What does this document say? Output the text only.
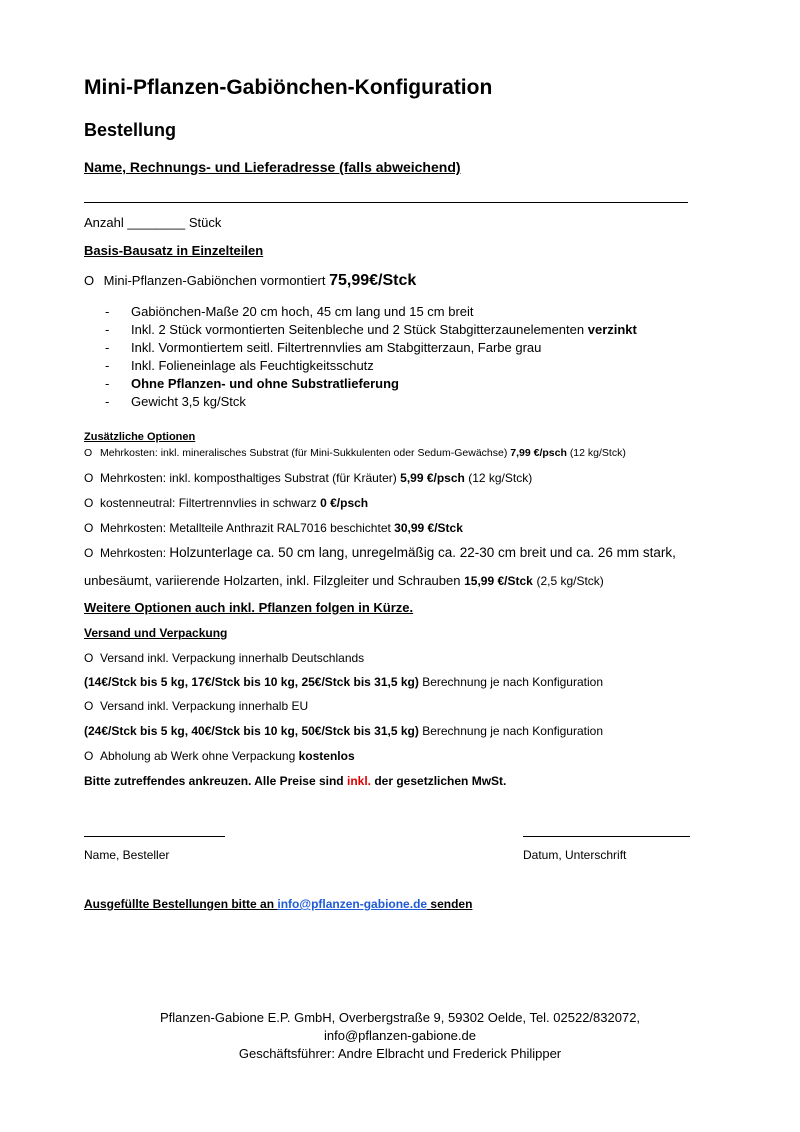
Mini-Pflanzen-Gabiönchen-Konfiguration
Bestellung
Name, Rechnungs- und Lieferadresse (falls abweichend)
Anzahl ________ Stück
Basis-Bausatz in Einzelteilen
O Mini-Pflanzen-Gabiönchen vormontiert 75,99€/Stck
- Gabiönchen-Maße 20 cm hoch, 45 cm lang und 15 cm breit
- Inkl. 2 Stück vormontierten Seitenbleche und 2 Stück Stabgitterzaunelementen verzinkt
- Inkl. Vormontiertem seitl. Filtertrennvlies am Stabgitterzaun, Farbe grau
- Inkl. Folieneinlage als Feuchtigkeitsschutz
- Ohne Pflanzen- und ohne Substratlieferung
- Gewicht 3,5 kg/Stck
Zusätzliche Optionen
O Mehrkosten: inkl. mineralisches Substrat (für Mini-Sukkulenten oder Sedum-Gewächse) 7,99 €/psch (12 kg/Stck)
O Mehrkosten: inkl. komposthaltiges Substrat (für Kräuter) 5,99 €/psch (12 kg/Stck)
O kostenneutral: Filtertrennvlies in schwarz 0 €/psch
O Mehrkosten: Metallteile Anthrazit RAL7016 beschichtet 30,99 €/Stck
O Mehrkosten: Holzunterlage ca. 50 cm lang, unregelmäßig ca. 22-30 cm breit und ca. 26 mm stark,
unbesäumt, variierende Holzarten, inkl. Filzgleiter und Schrauben 15,99 €/Stck (2,5 kg/Stck)
Weitere Optionen auch inkl. Pflanzen folgen in Kürze.
Versand und Verpackung
O Versand inkl. Verpackung innerhalb Deutschlands
(14€/Stck bis 5 kg, 17€/Stck bis 10 kg, 25€/Stck bis 31,5 kg) Berechnung je nach Konfiguration
O Versand inkl. Verpackung innerhalb EU
(24€/Stck bis 5 kg, 40€/Stck bis 10 kg, 50€/Stck bis 31,5 kg) Berechnung je nach Konfiguration
O Abholung ab Werk ohne Verpackung kostenlos
Bitte zutreffendes ankreuzen. Alle Preise sind inkl. der gesetzlichen MwSt.
Name, Besteller	Datum, Unterschrift
Ausgefüllte Bestellungen bitte an info@pflanzen-gabione.de senden
Pflanzen-Gabione E.P. GmbH, Overbergstraße 9, 59302 Oelde, Tel. 02522/832072,
info@pflanzen-gabione.de
Geschäftsführer: Andre Elbracht und Frederick Philipper
